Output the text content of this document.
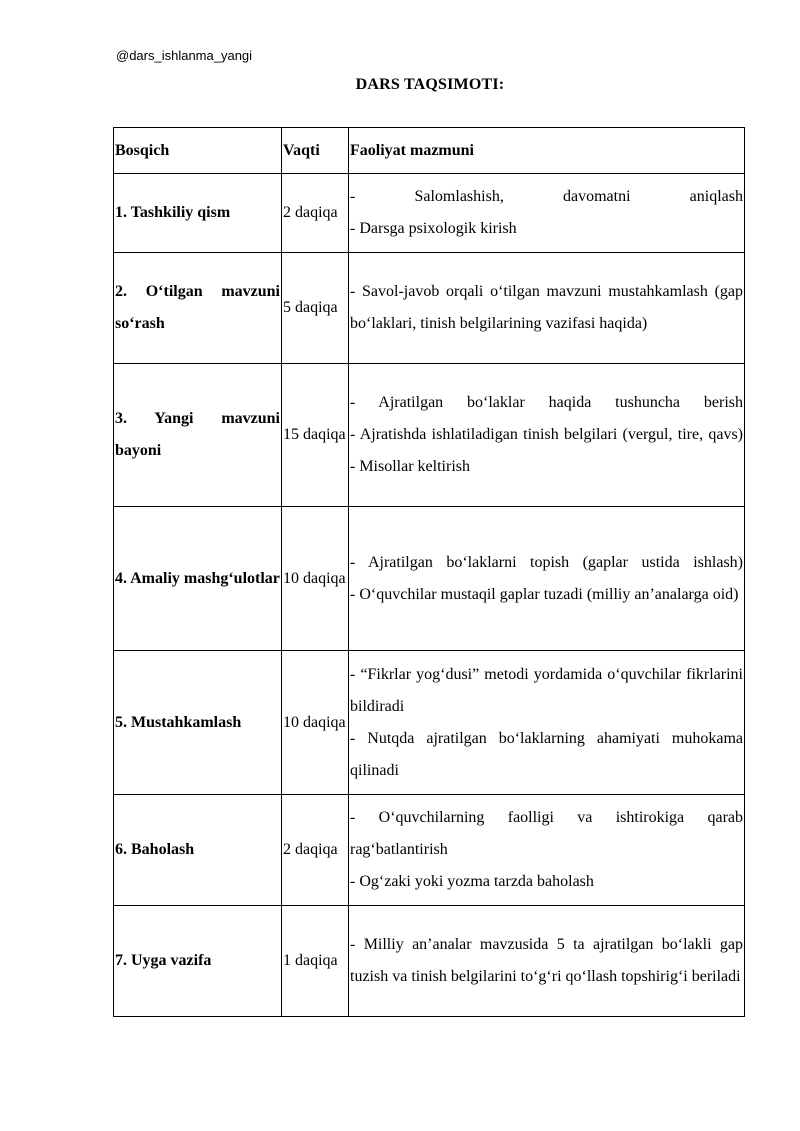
@dars_ishlanma_yangi
DARS TAQSIMOTI:
Bosqich	Vaqti	Faoliyat mazmuni
1. Tashkiliy qism	2 daqiqa	- Salomlashish, davomatni aniqlash
- Darsga psixologik kirish

2. O‘tilgan mavzuni so‘rash	5 daqiqa	- Savol-javob orqali o‘tilgan mavzuni mustahkamlash (gap bo‘laklari, tinish belgilarining vazifasi haqida)

3. Yangi mavzuni bayoni	15 daqiqa	- Ajratilgan bo‘laklar haqida tushuncha berish
- Ajratishda ishlatiladigan tinish belgilari (vergul, tire, qavs)
- Misollar keltirish

4. Amaliy mashg‘ulotlar	10 daqiqa	- Ajratilgan bo‘laklarni topish (gaplar ustida ishlash)
- O‘quvchilar mustaqil gaplar tuzadi (milliy an’analarga oid)

5. Mustahkamlash	10 daqiqa	- “Fikrlar yog‘dusi” metodi yordamida o‘quvchilar fikrlarini bildiradi
- Nutqda ajratilgan bo‘laklarning ahamiyati muhokama qilinadi

6. Baholash	2 daqiqa	- O‘quvchilarning faolligi va ishtirokiga qarab rag‘batlantirish
- Og‘zaki yoki yozma tarzda baholash

7. Uyga vazifa	1 daqiqa	- Milliy an’analar mavzusida 5 ta ajratilgan bo‘lakli gap tuzish va tinish belgilarini to‘g‘ri qo‘llash topshirig‘i beriladi
